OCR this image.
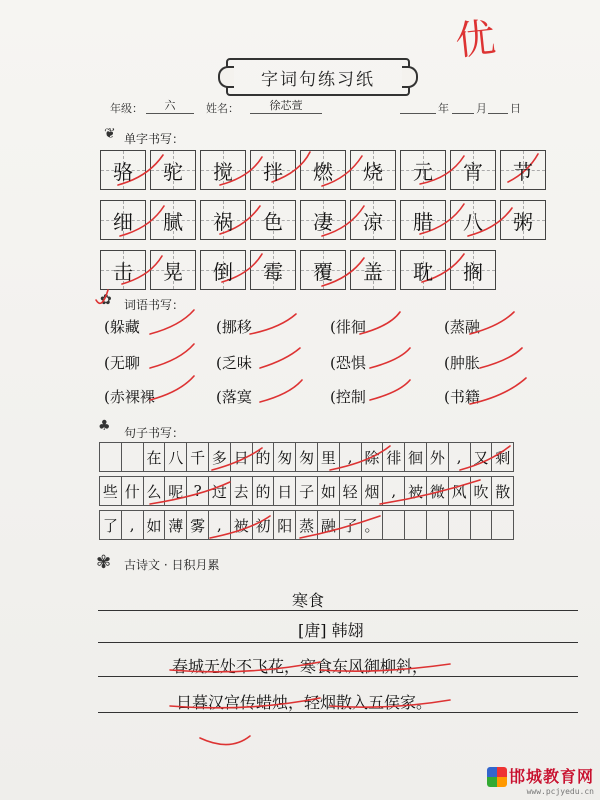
优
字词句练习纸
年级：	六	姓名：	徐芯萱
	年
月
日
❦ 单字书写：
骆 驼 搅 拌 燃 烧 元 宵 节
细 腻 祸 色 凄 凉 腊 八 粥
击 晃 倒 霉 覆 盖 耽 搁
✿ 词语书写：
(躲藏	(挪移	(徘徊	(蒸融
(无聊	(乏味	(恐惧	(肿胀
(赤裸裸	(落寞	(控制	(书籍
♣ 句子书写：
在 八 千 多 日 的 匆 匆 里 , 除 徘 徊 外 , 又 剩
些 什 么 呢 ? 过 去 的 日 子 如 轻 烟 , 被 微 风 吹 散
了 , 如 薄 雾 , 被 初 阳 蒸 融 了 。
✾ 古诗文 · 日积月累
寒食
[唐] 韩翃
春城无处不飞花，寒食东风御柳斜，
日暮汉宫传蜡烛，轻烟散入五侯家。
邯城教育网
www.pcjyedu.cn
